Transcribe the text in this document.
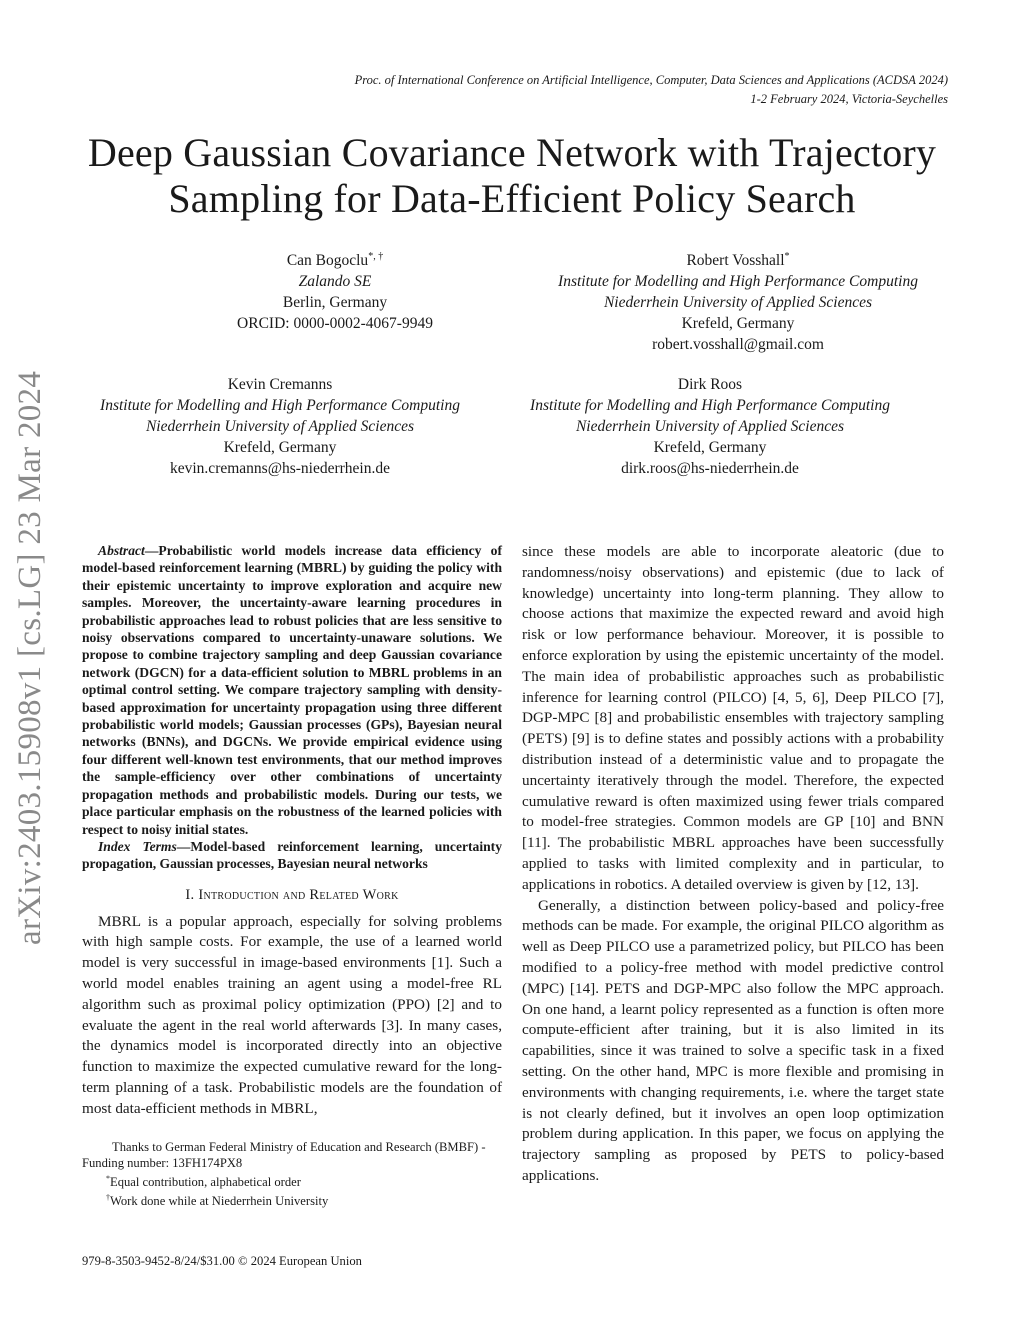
Proc. of International Conference on Artificial Intelligence, Computer, Data Sciences and Applications (ACDSA 2024)
1-2 February 2024, Victoria-Seychelles
Deep Gaussian Covariance Network with Trajectory
Sampling for Data-Efficient Policy Search
Can Bogoclu*, †
Zalando SE
Berlin, Germany
ORCID: 0000-0002-4067-9949
Robert Vosshall*
Institute for Modelling and High Performance Computing
Niederrhein University of Applied Sciences
Krefeld, Germany
robert.vosshall@gmail.com
Kevin Cremanns
Institute for Modelling and High Performance Computing
Niederrhein University of Applied Sciences
Krefeld, Germany
kevin.cremanns@hs-niederrhein.de
Dirk Roos
Institute for Modelling and High Performance Computing
Niederrhein University of Applied Sciences
Krefeld, Germany
dirk.roos@hs-niederrhein.de
arXiv:2403.15908v1 [cs.LG] 23 Mar 2024	Abstract—Probabilistic world models increase data efficiency of model-based reinforcement learning (MBRL) by guiding the policy with their epistemic uncertainty to improve exploration and acquire new samples. Moreover, the uncertainty-aware learning procedures in probabilistic approaches lead to robust policies that are less sensitive to noisy observations compared to uncertainty-unaware solutions. We propose to combine trajectory sampling and deep Gaussian covariance network (DGCN) for a data-efficient solution to MBRL problems in an optimal control setting. We compare trajectory sampling with density-based approximation for uncertainty propagation using three different probabilistic world models; Gaussian processes (GPs), Bayesian neural networks (BNNs), and DGCNs. We provide empirical evidence using four different well-known test environments, that our method improves the sample-efficiency over other combinations of uncertainty propagation methods and probabilistic models. During our tests, we place particular emphasis on the robustness of the learned policies with respect to noisy initial states.

Index Terms—Model-based reinforcement learning, uncertainty propagation, Gaussian processes, Bayesian neural networks

I. Introduction and Related Work

MBRL is a popular approach, especially for solving problems with high sample costs. For example, the use of a learned world model is very successful in image-based environments [1]. Such a world model enables training an agent using a model-free RL algorithm such as proximal policy optimization (PPO) [2] and to evaluate the agent in the real world afterwards [3]. In many cases, the dynamics model is incorporated directly into an objective function to maximize the expected cumulative reward for the long-term planning of a task. Probabilistic models are the foundation of most data-efficient methods in MBRL,

since these models are able to incorporate aleatoric (due to randomness/noisy observations) and epistemic (due to lack of knowledge) uncertainty into long-term planning. They allow to choose actions that maximize the expected reward and avoid high risk or low performance behaviour. Moreover, it is possible to enforce exploration by using the epistemic uncertainty of the model. The main idea of probabilistic approaches such as probabilistic inference for learning control (PILCO) [4, 5, 6], Deep PILCO [7], DGP-MPC [8] and probabilistic ensembles with trajectory sampling (PETS) [9] is to define states and possibly actions with a probability distribution instead of a deterministic value and to propagate the uncertainty iteratively through the model. Therefore, the expected cumulative reward is often maximized using fewer trials compared to model-free strategies. Common models are GP [10] and BNN [11]. The probabilistic MBRL approaches have been successfully applied to tasks with limited complexity and in particular, to applications in robotics. A detailed overview is given by [12, 13].

Generally, a distinction between policy-based and policy-free methods can be made. For example, the original PILCO algorithm as well as Deep PILCO use a parametrized policy, but PILCO has been modified to a policy-free method with model predictive control (MPC) [14]. PETS and DGP-MPC also follow the MPC approach. On one hand, a learnt policy represented as a function is often more compute-efficient after training, but it is also limited in its capabilities, since it was trained to solve a specific task in a fixed setting. On the other hand, MPC is more flexible and promising in environments with changing requirements, i.e. where the target state is not clearly defined, but it involves an open loop optimization problem during application. In this paper, we focus on applying the trajectory sampling as proposed by PETS to policy-based applications.

Thanks to German Federal Ministry of Education and Research (BMBF) - Funding number: 13FH174PX8
*Equal contribution, alphabetical order
†Work done while at Niederrhein University
979-8-3503-9452-8/24/$31.00 © 2024 European Union
